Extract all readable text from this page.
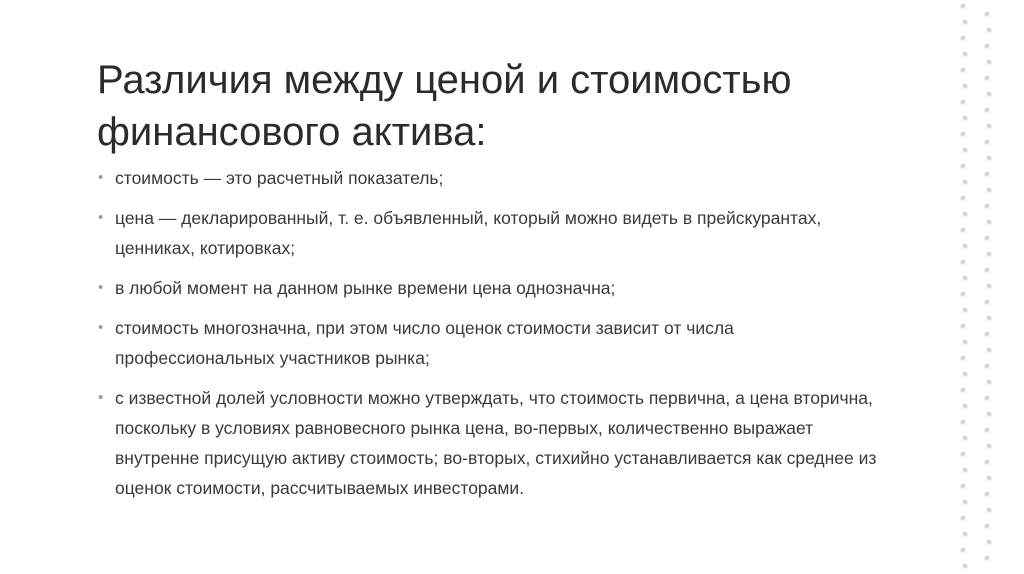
Различия между ценой и стоимостью финансового актива:
• стоимость — это расчетный показатель;
• цена — декларированный, т. е. объявленный, который можно видеть в прейскурантах, ценниках, котировках;
• в любой момент на данном рынке времени цена однозначна;
• стоимость многозначна, при этом число оценок стоимости зависит от числа профессиональных участников рынка;
• с известной долей условности можно утверждать, что стоимость первична, а цена вторична, поскольку в условиях равновесного рынка цена, во-первых, количественно выражает внутренне присущую активу стоимость; во-вторых, стихийно устанавливается как среднее из оценок стоимости, рассчитываемых инвесторами.
